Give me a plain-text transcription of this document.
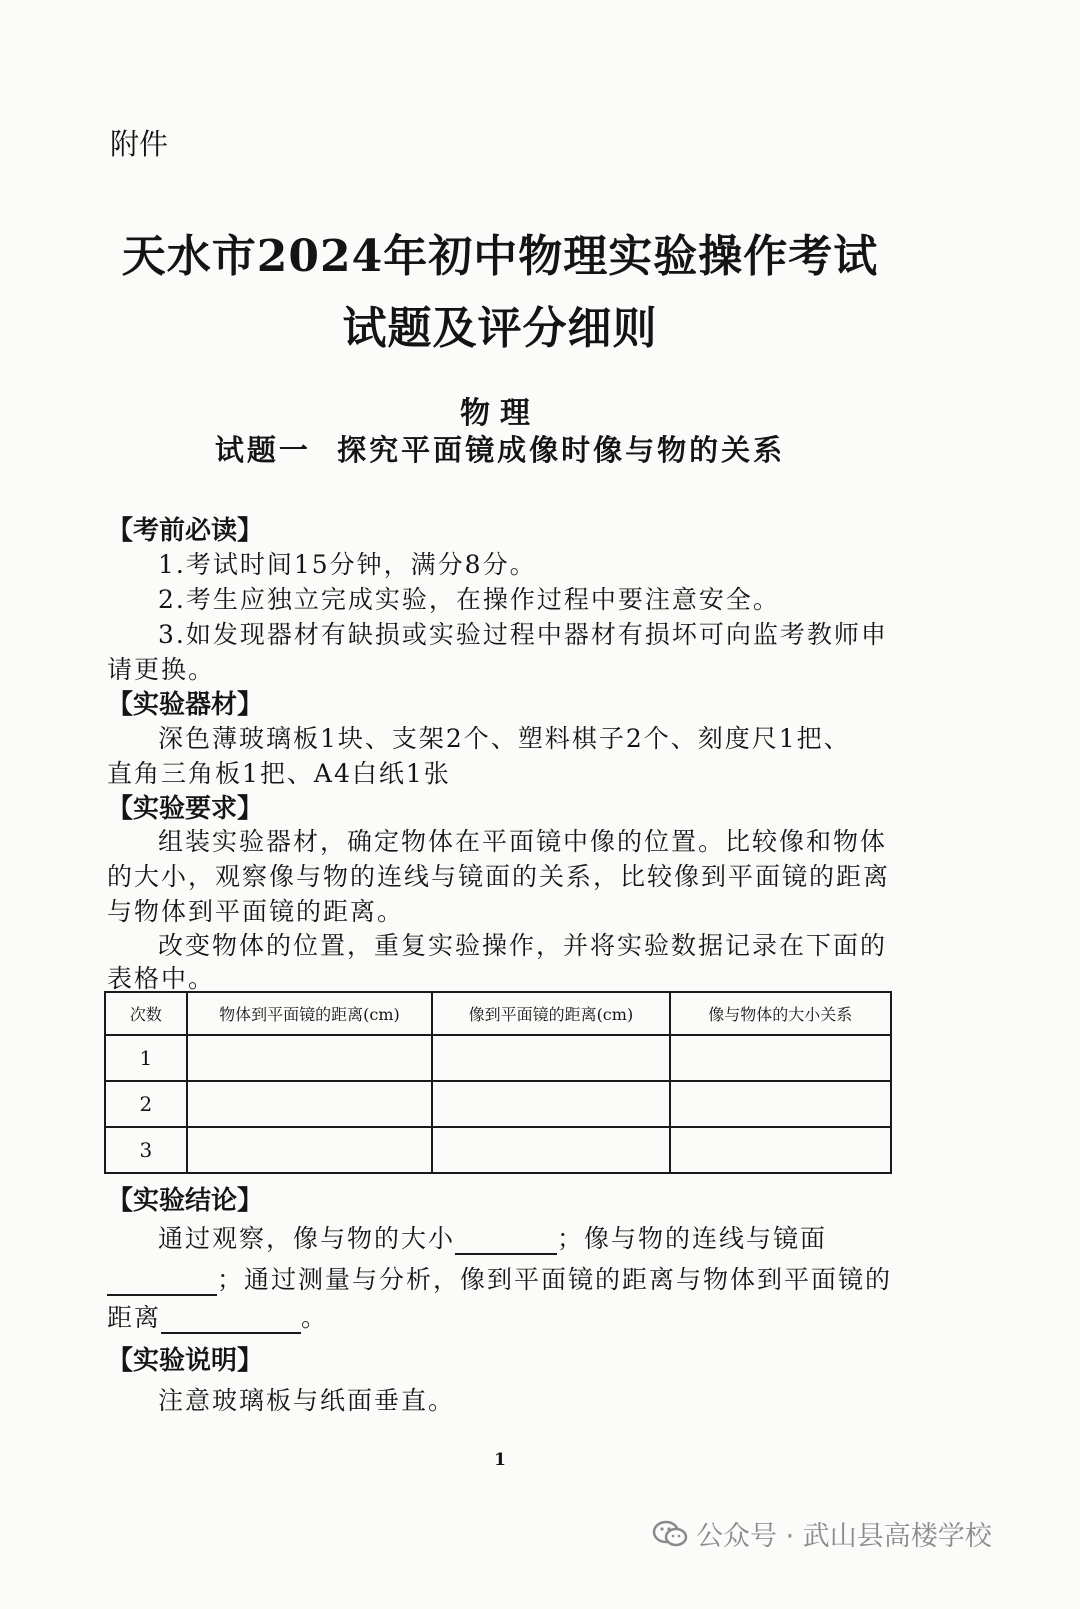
附件
天水市2024年初中物理实验操作考试
试题及评分细则
物理
试题一  探究平面镜成像时像与物的关系
【考前必读】
1.考试时间15分钟，满分8分。
2.考生应独立完成实验，在操作过程中要注意安全。
3.如发现器材有缺损或实验过程中器材有损坏可向监考教师申
请更换。
【实验器材】
深色薄玻璃板1块、支架2个、塑料棋子2个、刻度尺1把、
直角三角板1把、A4白纸1张
【实验要求】
组装实验器材，确定物体在平面镜中像的位置。比较像和物体
的大小，观察像与物的连线与镜面的关系，比较像到平面镜的距离
与物体到平面镜的距离。
改变物体的位置，重复实验操作，并将实验数据记录在下面的
表格中。
次数	物体到平面镜的距离(cm)	像到平面镜的距离(cm)	像与物体的大小关系
1			
2			
3			
【实验结论】
通过观察，像与物的大小	；像与物的连线与镜面
；通过测量与分析，像到平面镜的距离与物体到平面镜的
距离	。
【实验说明】
注意玻璃板与纸面垂直。
1
公众号 · 武山县高楼学校
